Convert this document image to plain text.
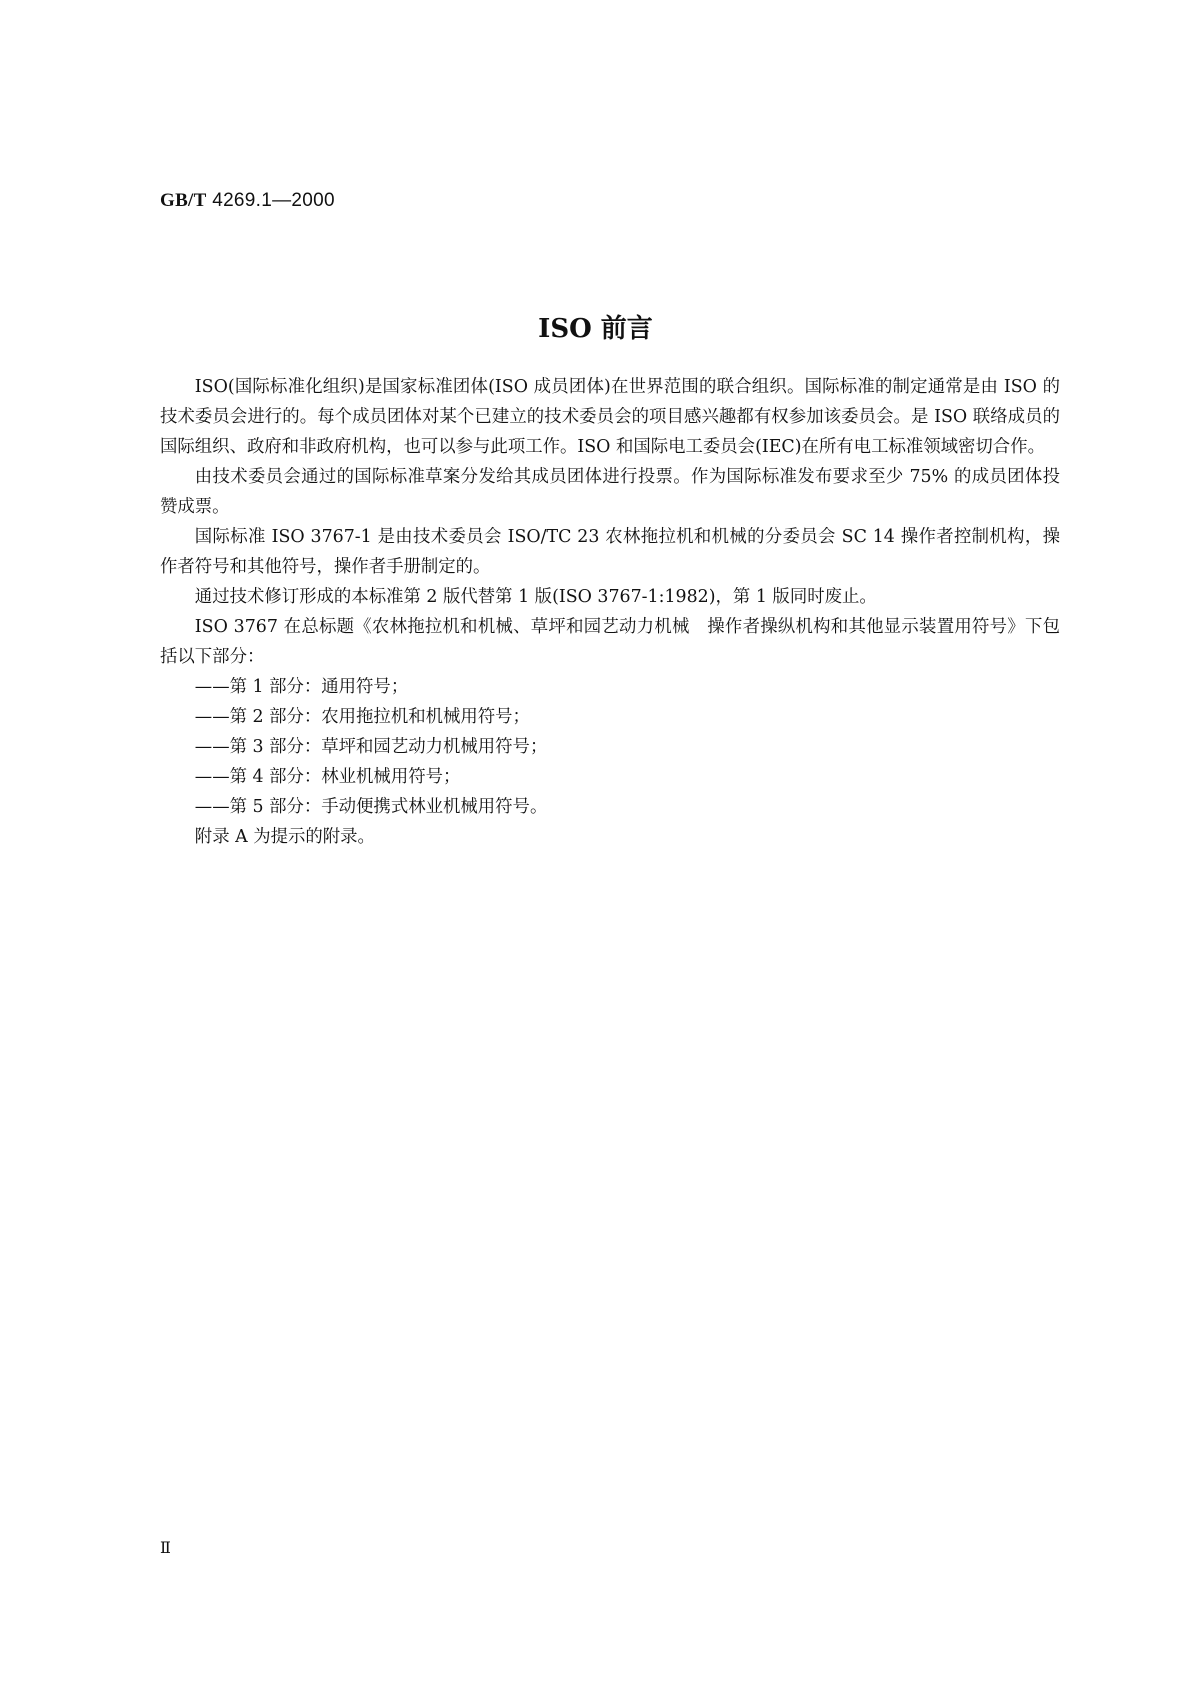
GB/T 4269.1—2000
ISO 前言

ISO(国际标准化组织)是国家标准团体(ISO 成员团体)在世界范围的联合组织。国际标准的制定通常是由 ISO 的技术委员会进行的。每个成员团体对某个已建立的技术委员会的项目感兴趣都有权参加该委员会。是 ISO 联络成员的国际组织、政府和非政府机构，也可以参与此项工作。ISO 和国际电工委员会(IEC)在所有电工标准领域密切合作。

由技术委员会通过的国际标准草案分发给其成员团体进行投票。作为国际标准发布要求至少 75% 的成员团体投赞成票。

国际标准 ISO 3767-1 是由技术委员会 ISO/TC 23 农林拖拉机和机械的分委员会 SC 14 操作者控制机构，操作者符号和其他符号，操作者手册制定的。

通过技术修订形成的本标准第 2 版代替第 1 版(ISO 3767-1:1982)，第 1 版同时废止。

ISO 3767 在总标题《农林拖拉机和机械、草坪和园艺动力机械　操作者操纵机构和其他显示装置用符号》下包括以下部分：

——第 1 部分：通用符号；

——第 2 部分：农用拖拉机和机械用符号；

——第 3 部分：草坪和园艺动力机械用符号；

——第 4 部分：林业机械用符号；

——第 5 部分：手动便携式林业机械用符号。

附录 A 为提示的附录。

Ⅱ
